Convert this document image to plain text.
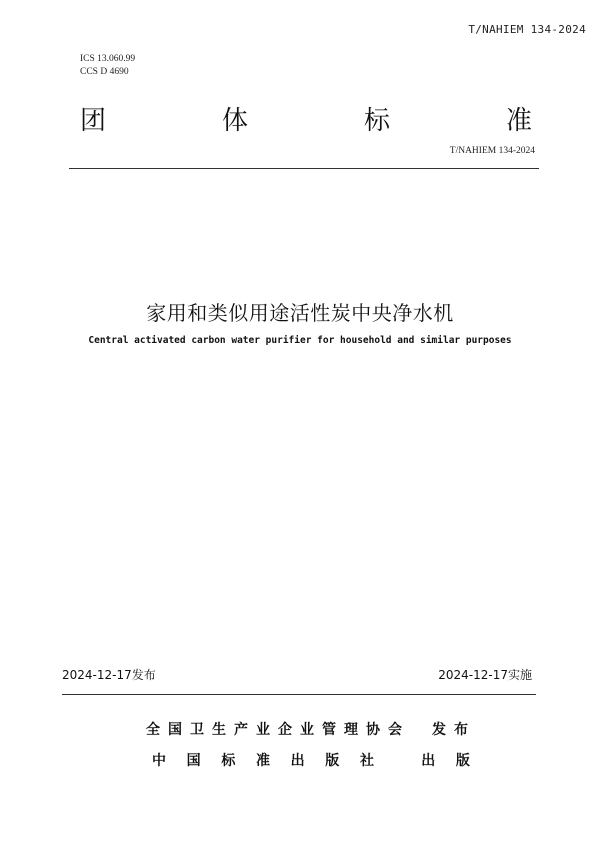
T/NAHIEM 134-2024
ICS 13.060.99
CCS D 4690
团	体	标	准
T/NAHIEM 134-2024
家用和类似用途活性炭中央净水机
Central activated carbon water purifier for household and similar purposes
2024-12-17发布	2024-12-17实施
全 国 卫 生 产 业 企 业 管 理 协 会 发 布
中 国 标 准 出 版 社	出 版
